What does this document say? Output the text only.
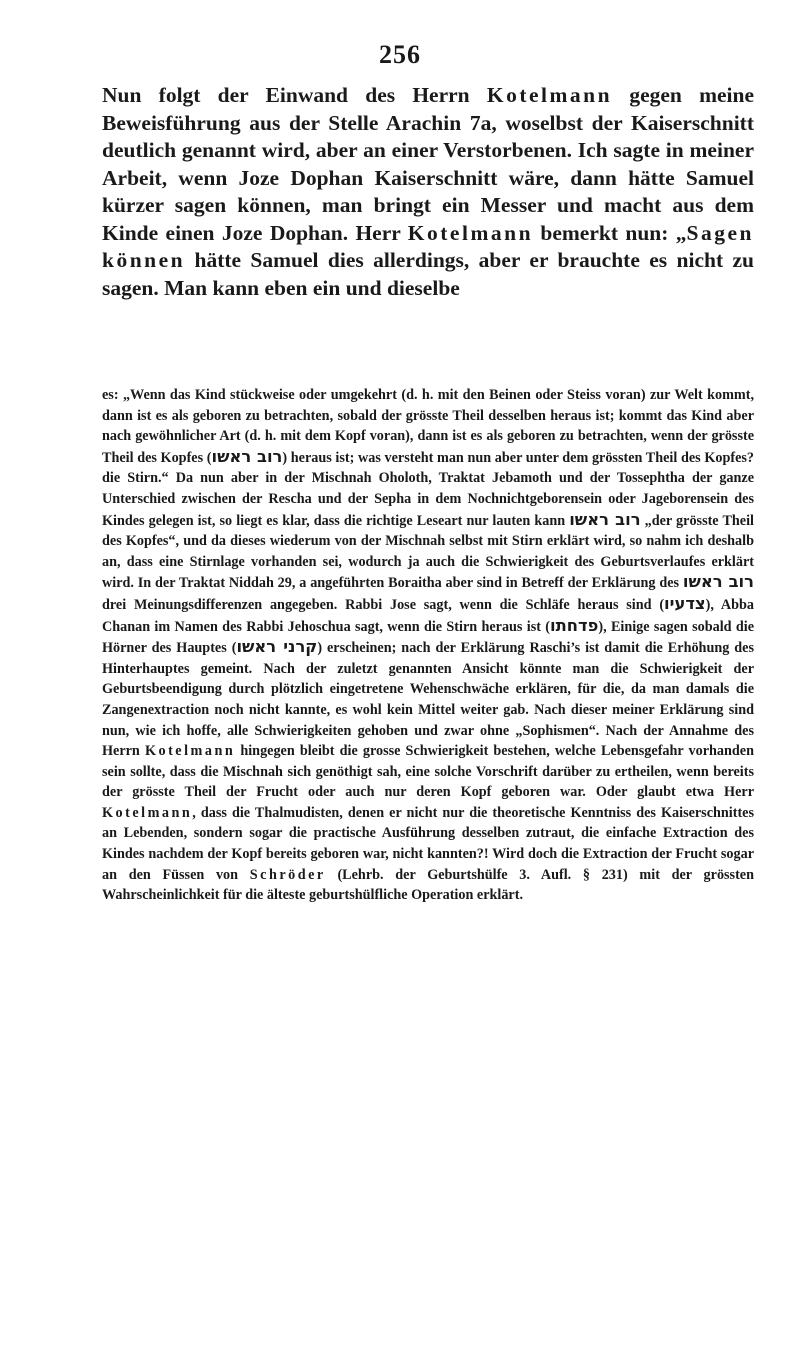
256

Nun folgt der Einwand des Herrn Kotelmann gegen meine Beweisführung aus der Stelle Arachin 7a, woselbst der Kaiserschnitt deutlich genannt wird, aber an einer Verstorbenen. Ich sagte in meiner Arbeit, wenn Joze Dophan Kaiserschnitt wäre, dann hätte Samuel kürzer sagen können, man bringt ein Messer und macht aus dem Kinde einen Joze Dophan. Herr Kotelmann bemerkt nun: „Sagen können hätte Samuel dies allerdings, aber er brauchte es nicht zu sagen. Man kann eben ein und dieselbe

es: „Wenn das Kind stückweise oder umgekehrt (d. h. mit den Beinen oder Steiss voran) zur Welt kommt, dann ist es als geboren zu betrachten, sobald der grösste Theil desselben heraus ist; kommt das Kind aber nach gewöhnlicher Art (d. h. mit dem Kopf voran), dann ist es als geboren zu betrachten, wenn der grösste Theil des Kopfes (רוב ראשו) heraus ist; was versteht man nun aber unter dem grössten Theil des Kopfes? die Stirn.“ Da nun aber in der Mischnah Oholoth, Traktat Jebamoth und der Tossephtha der ganze Unterschied zwischen der Rescha und der Sepha in dem Nochnichtgeborensein oder Jageborensein des Kindes gelegen ist, so liegt es klar, dass die richtige Leseart nur lauten kann רוב ראשו „der grösste Theil des Kopfes“, und da dieses wiederum von der Mischnah selbst mit Stirn erklärt wird, so nahm ich deshalb an, dass eine Stirnlage vorhanden sei, wodurch ja auch die Schwierigkeit des Geburtsverlaufes erklärt wird. In der Traktat Niddah 29, a angeführten Boraitha aber sind in Betreff der Erklärung des רוב ראשו drei Meinungsdifferenzen angegeben. Rabbi Jose sagt, wenn die Schläfe heraus sind (צדעיו), Abba Chanan im Namen des Rabbi Jehoschua sagt, wenn die Stirn heraus ist (פדחתו), Einige sagen sobald die Hörner des Hauptes (קרני ראשו) erscheinen; nach der Erklärung Raschi’s ist damit die Erhöhung des Hinterhauptes gemeint. Nach der zuletzt genannten Ansicht könnte man die Schwierigkeit der Geburtsbeendigung durch plötzlich eingetretene Wehenschwäche erklären, für die, da man damals die Zangenextraction noch nicht kannte, es wohl kein Mittel weiter gab. Nach dieser meiner Erklärung sind nun, wie ich hoffe, alle Schwierigkeiten gehoben und zwar ohne „Sophismen“. Nach der Annahme des Herrn Kotelmann hingegen bleibt die grosse Schwierigkeit bestehen, welche Lebensgefahr vorhanden sein sollte, dass die Mischnah sich genöthigt sah, eine solche Vorschrift darüber zu ertheilen, wenn bereits der grösste Theil der Frucht oder auch nur deren Kopf geboren war. Oder glaubt etwa Herr Kotelmann, dass die Thalmudisten, denen er nicht nur die theoretische Kenntniss des Kaiserschnittes an Lebenden, sondern sogar die practische Ausführung desselben zutraut, die einfache Extraction des Kindes nachdem der Kopf bereits geboren war, nicht kannten?! Wird doch die Extraction der Frucht sogar an den Füssen von Schröder (Lehrb. der Geburtshülfe 3. Aufl. § 231) mit der grössten Wahrscheinlichkeit für die älteste geburtshülfliche Operation erklärt.
